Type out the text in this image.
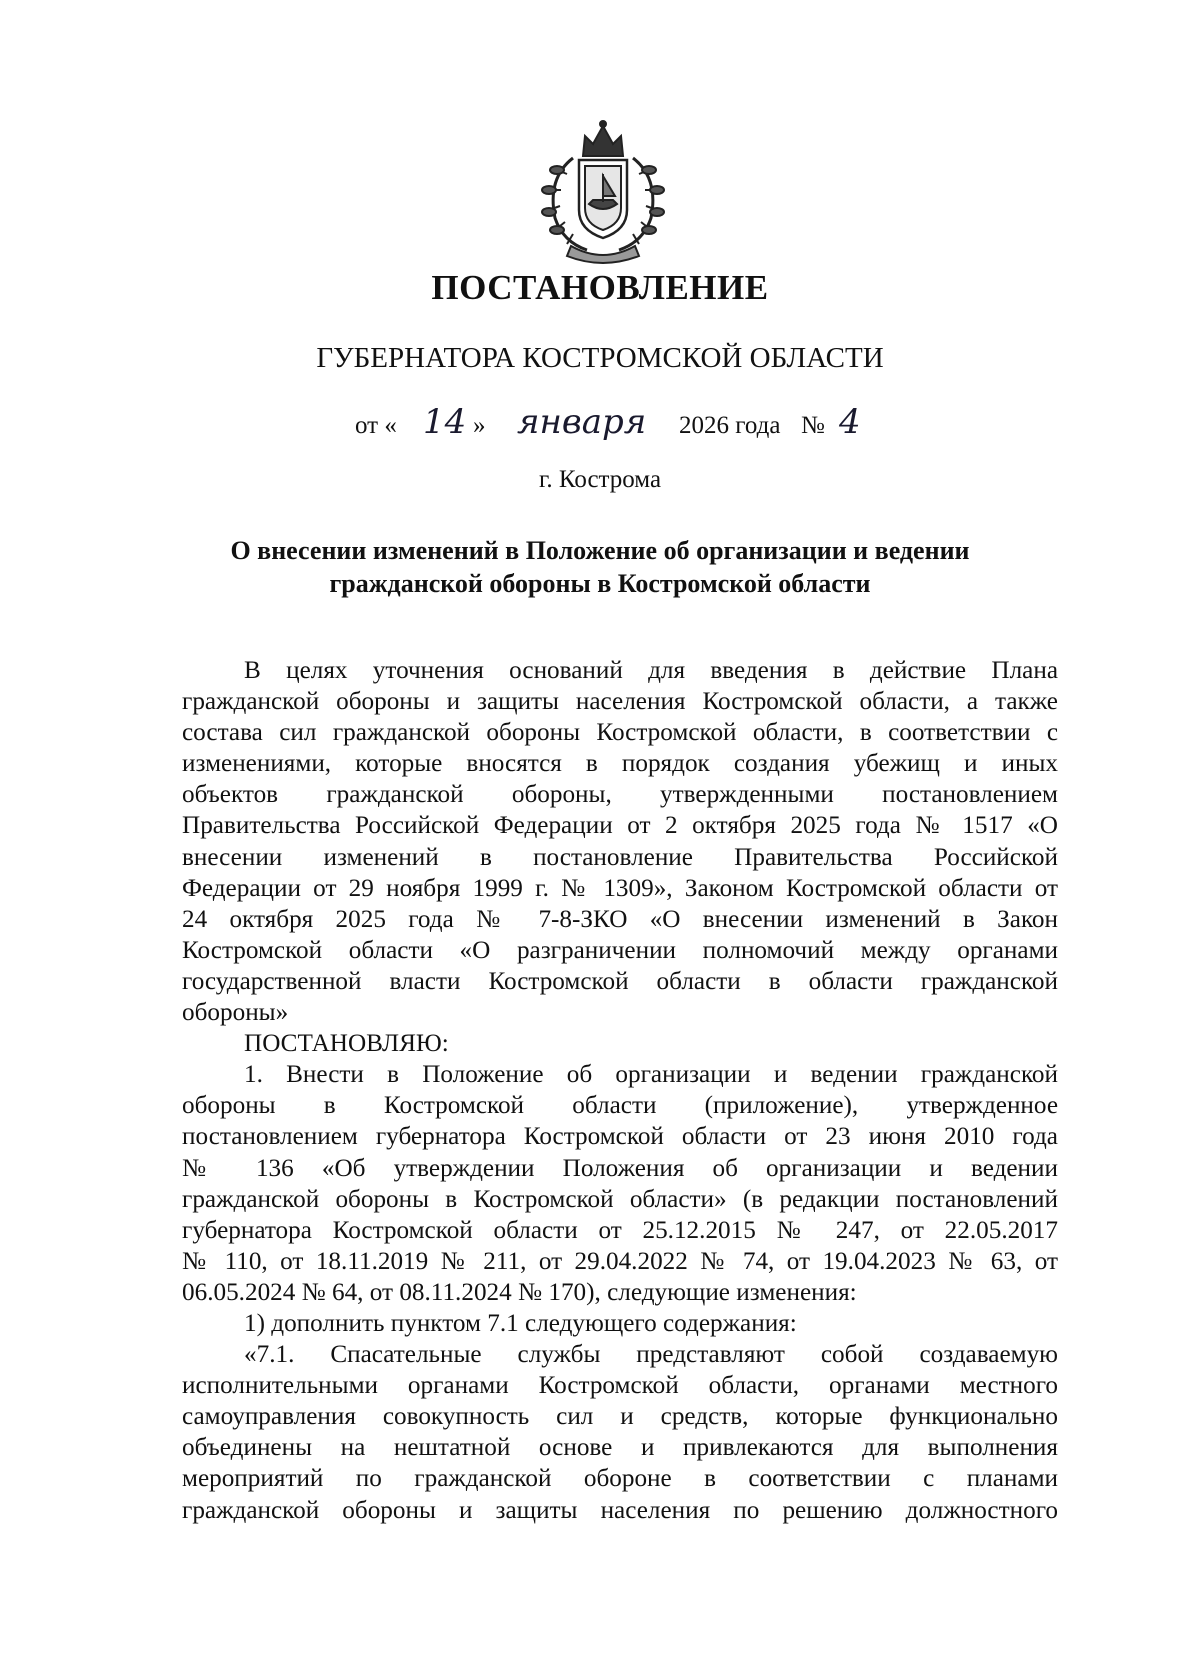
ПОСТАНОВЛЕНИЕ
ГУБЕРНАТОРА КОСТРОМСКОЙ ОБЛАСТИ
от « 14 » января 2026 года № 4
г. Кострома
О внесении изменений в Положение об организации и ведении
гражданской обороны в Костромской области

В целях уточнения оснований для введения в действие Плана

гражданской обороны и защиты населения Костромской области, а также

состава сил гражданской обороны Костромской области, в соответствии с

изменениями, которые вносятся в порядок создания убежищ и иных

объектов гражданской обороны, утвержденными постановлением

Правительства Российской Федерации от 2 октября 2025 года № 1517 «О

внесении изменений в постановление Правительства Российской

Федерации от 29 ноября 1999 г. № 1309», Законом Костромской области от

24 октября 2025 года № 7-8-ЗКО «О внесении изменений в Закон

Костромской области «О разграничении полномочий между органами

государственной власти Костромской области в области гражданской

обороны»

ПОСТАНОВЛЯЮ:

1. Внести в Положение об организации и ведении гражданской

обороны в Костромской области (приложение), утвержденное

постановлением губернатора Костромской области от 23 июня 2010 года

№ 136 «Об утверждении Положения об организации и ведении

гражданской обороны в Костромской области» (в редакции постановлений

губернатора Костромской области от 25.12.2015 № 247, от 22.05.2017

№ 110, от 18.11.2019 № 211, от 29.04.2022 № 74, от 19.04.2023 № 63, от

06.05.2024 № 64, от 08.11.2024 № 170), следующие изменения:

1) дополнить пунктом 7.1 следующего содержания:

«7.1. Спасательные службы представляют собой создаваемую

исполнительными органами Костромской области, органами местного

самоуправления совокупность сил и средств, которые функционально

объединены на нештатной основе и привлекаются для выполнения

мероприятий по гражданской обороне в соответствии с планами

гражданской обороны и защиты населения по решению должностного
